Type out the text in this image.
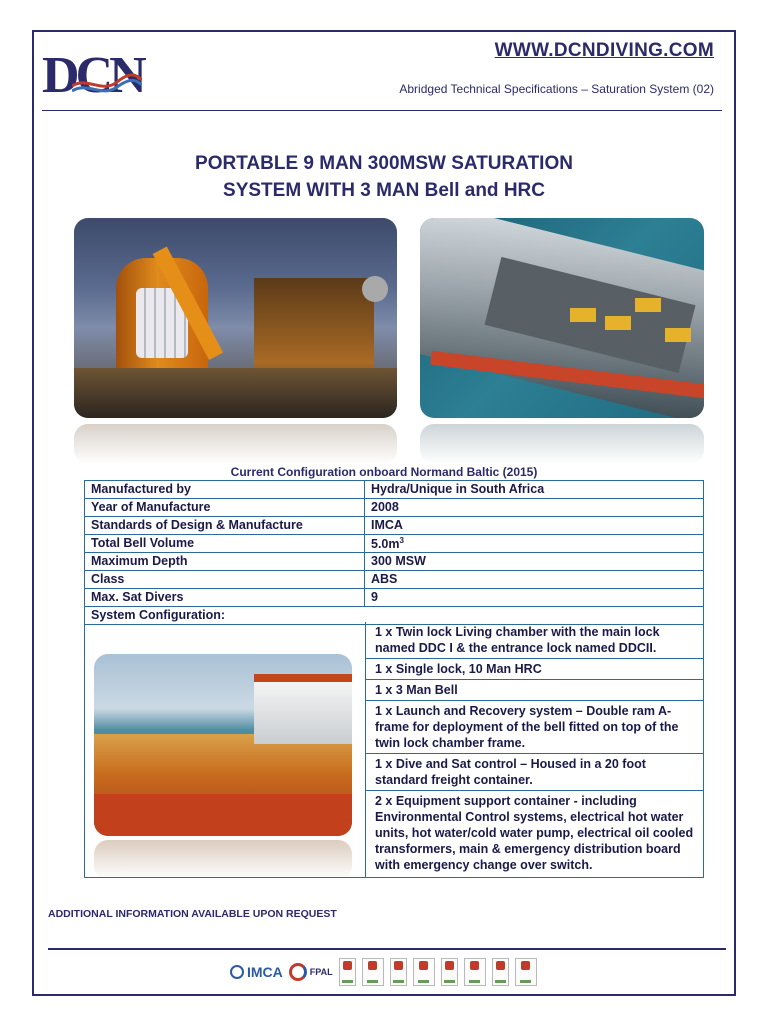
DCN	WWW.DCNDIVING.COM
Abridged Technical Specifications – Saturation System (02)
PORTABLE 9 MAN 300MSW SATURATION
SYSTEM WITH 3 MAN Bell and HRC
Current Configuration onboard Normand Baltic (2015)
Manufactured by	Hydra/Unique in South Africa
Year of Manufacture	2008
Standards of Design & Manufacture	IMCA
Total Bell Volume	$5.0m^3$
Maximum Depth	300 MSW
Class	ABS
Max. Sat Divers	9
System Configuration:	
1 x Twin lock Living chamber with the main lock named DDC I & the entrance lock named DDCII.
1 x Single lock, 10 Man HRC
1 x 3 Man Bell
1 x Launch and Recovery system – Double ram A-frame for deployment of the bell fitted on top of the twin lock chamber frame.
1 x Dive and Sat control – Housed in a 20 foot standard freight container.
2 x Equipment support container - including Environmental Control systems, electrical hot water units, hot water/cold water pump, electrical oil cooled transformers, main & emergency distribution board with emergency change over switch.
ADDITIONAL INFORMATION AVAILABLE UPON REQUEST
IMCA	FPAL
